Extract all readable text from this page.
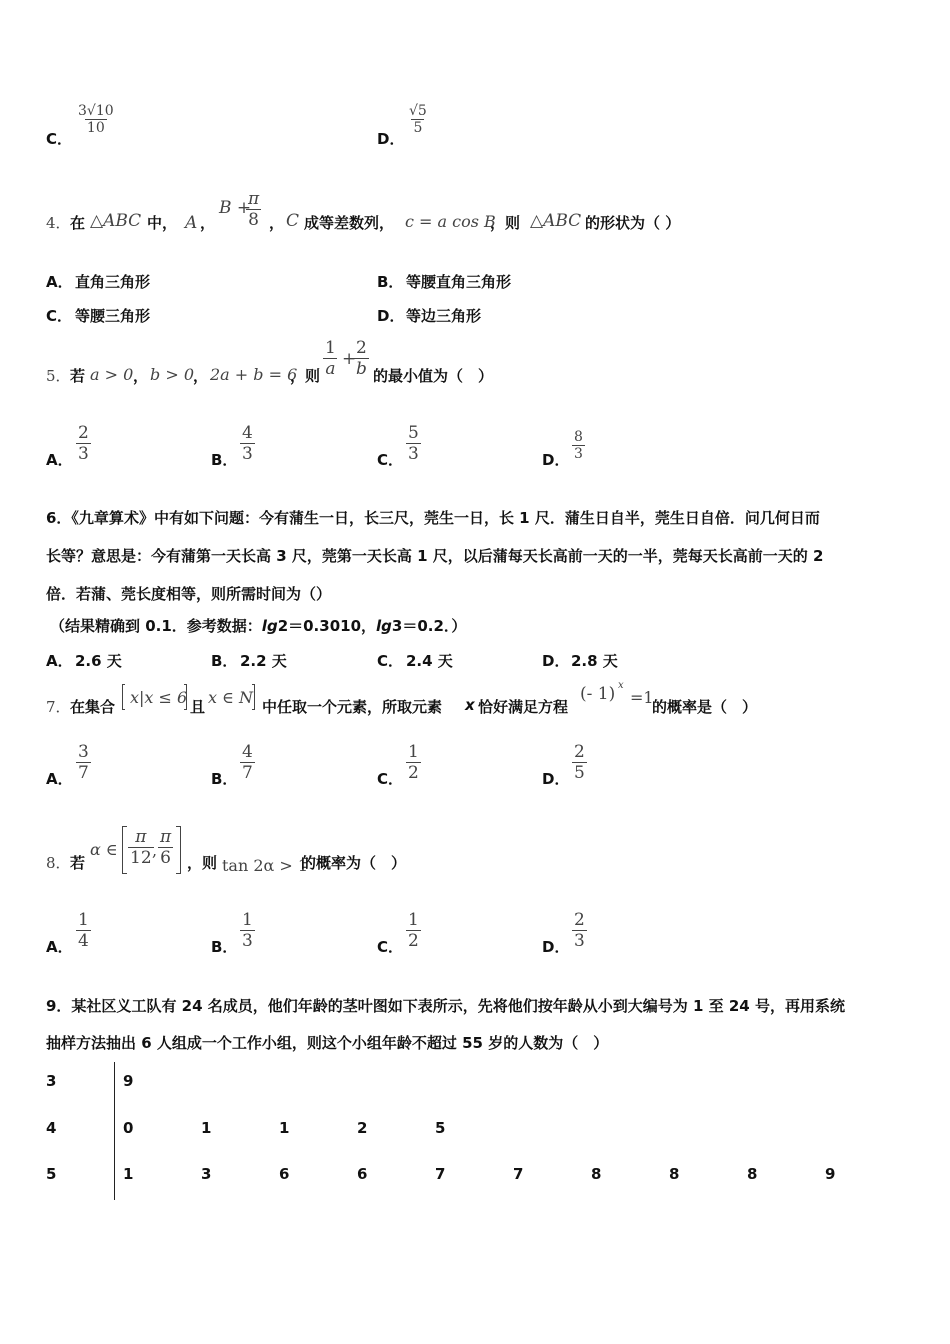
C．
$\frac{3√10}{10}$
D．
$\frac{√5}{5}$
4． 在 △ABC 中， A ，
B +
$\frac{\pi}{8}$ ， C 成等差数列， c = a cos B
，则 △ABC 的形状为（ ）
A． 直角三角形	B． 等腰直角三角形
C． 等腰三角形	D． 等边三角形
5． 若 a > 0 ， b > 0 ， 2a + b = 6
，则 $\frac{1}{a}$ +
$\frac{2}{b}$ 的最小值为（　）
A． $\frac{2}{3}$	B． $\frac{4}{3}$	C． $\frac{5}{3}$	D． $\frac{8}{3}$
6．《九章算术》中有如下问题：今有蒲生一日，长三尺，莞生一日，长 1 尺．蒲生日自半，莞生日自倍．问几何日而
长等？意思是：今有蒲第一天长高 3 尺，莞第一天长高 1 尺，以后蒲每天长高前一天的一半，莞每天长高前一天的 2
倍．若蒲、莞长度相等，则所需时间为（）
（结果精确到 0.1．参考数据：lg2＝0.3010，lg3＝0.2．）
A． 2.6 天	B． 2.2 天	C． 2.4 天	D． 2.8 天
7． 在集合 x|x ≤ 6 且 x ∈ N 中任取一个元素，所取元素 x 恰好满足方程
(- 1) x
=1
的概率是（　）
A． $\frac{3}{7}$	B． $\frac{4}{7}$	C． $\frac{1}{2}$	D． $\frac{2}{5}$
8． 若
α ∈ $\frac{\pi}{12}$
, $\frac{\pi}{6}$ ，则 tan 2α > 1
的概率为（　）
A． $\frac{1}{4}$	B． $\frac{1}{3}$	C． $\frac{1}{2}$	D． $\frac{2}{3}$
9．某社区义工队有 24 名成员，他们年龄的茎叶图如下表所示，先将他们按年龄从小到大编号为 1 至 24 号，再用系统
抽样方法抽出 6 人组成一个工作小组，则这个小组年龄不超过 55 岁的人数为（　）
3	9
4	0	1	1	2	5
5	1	3	6	6	7	7	8	8	8	9
